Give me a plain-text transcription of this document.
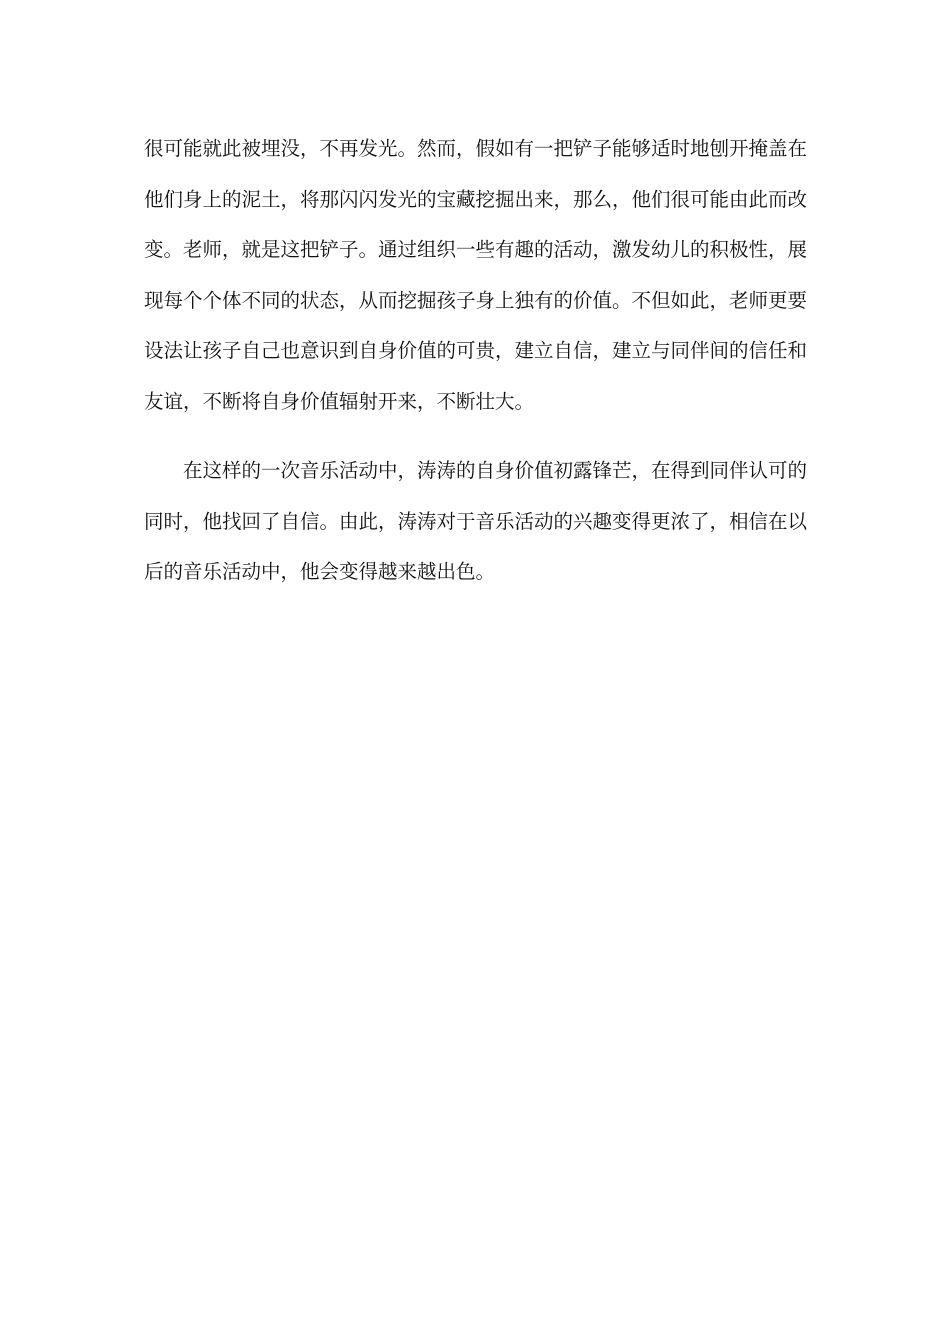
很可能就此被埋没，不再发光。然而，假如有一把铲子能够适时地刨开掩盖在
他们身上的泥土，将那闪闪发光的宝藏挖掘出来，那么，他们很可能由此而改
变。老师，就是这把铲子。通过组织一些有趣的活动，激发幼儿的积极性，展
现每个个体不同的状态，从而挖掘孩子身上独有的价值。不但如此，老师更要
设法让孩子自己也意识到自身价值的可贵，建立自信，建立与同伴间的信任和
友谊，不断将自身价值辐射开来，不断壮大。

　　在这样的一次音乐活动中，涛涛的自身价值初露锋芒，在得到同伴认可的
同时，他找回了自信。由此，涛涛对于音乐活动的兴趣变得更浓了，相信在以
后的音乐活动中，他会变得越来越出色。
